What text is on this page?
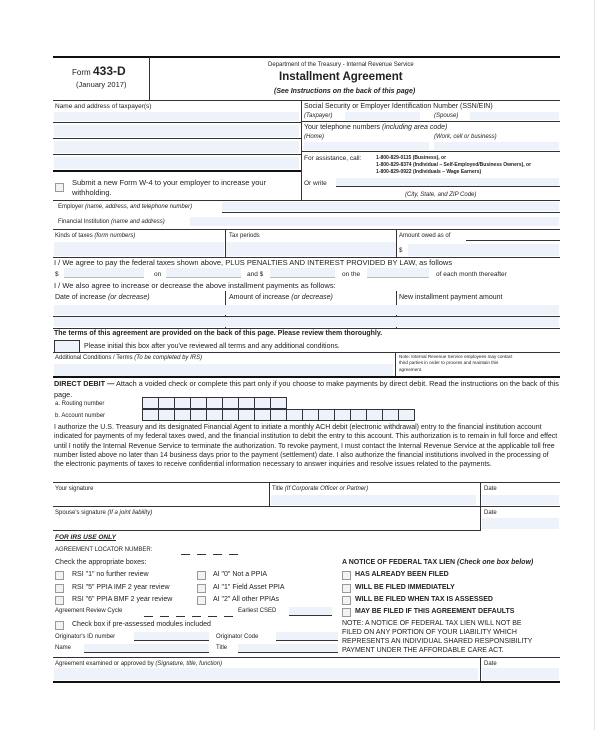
Form 433-D
(January 2017)
Department of the Treasury - Internal Revenue Service
Installment Agreement
(See Instructions on the back of this page)
Name and address of taxpayer(s)
Submit a new Form W-4 to your employer to increase your
withholding.
Social Security or Employer Identification Number (SSN/EIN)
(Taxpayer)	(Spouse)
Your telephone numbers (including area code)
(Home)	(Work, cell or business)
For assistance, call:	1-800-829-0115 (Business), or
1-800-829-8374 (Individual – Self-Employed/Business Owners), or
1-800-829-0922 (Individuals – Wage Earners)
Or write
(City, State, and ZIP Code)
Employer (name, address, and telephone number)
Financial Institution (name and address)
Kinds of taxes (form numbers)	Tax periods	Amount owed as of
$
I / We agree to pay the federal taxes shown above, PLUS PENALTIES AND INTEREST PROVIDED BY LAW, as follows
$	on	and $	on the	of each month thereafter
I / We also agree to increase or decrease the above installment payments as follows:
Date of increase (or decrease)	Amount of increase (or decrease)	New installment payment amount
The terms of this agreement are provided on the back of this page. Please review them thoroughly.
Please initial this box after you've reviewed all terms and any additional conditions.
Additional Conditions / Terms (To be completed by IRS)	Note: Internal Revenue Service employees may contact
third parties in order to process and maintain this
agreement.
DIRECT DEBIT — Attach a voided check or complete this part only if you choose to make payments by direct debit. Read the instructions on the back of this page.
a. Routing number
b. Account number
I authorize the U.S. Treasury and its designated Financial Agent to initiate a monthly ACH debit (electronic withdrawal) entry to the financial institution account indicated for payments of my federal taxes owed, and the financial institution to debit the entry to this account. This authorization is to remain in full force and effect until I notify the Internal Revenue Service to terminate the authorization. To revoke payment, I must contact the Internal Revenue Service at the applicable toll free number listed above no later than 14 business days prior to the payment (settlement) date. I also authorize the financial institutions involved in the processing of the electronic payments of taxes to receive confidential information necessary to answer inquiries and resolve issues related to the payments.
Your signature	Title (If Corporate Officer or Partner)	Date
Spouse's signature (If a joint liability)	Date
FOR IRS USE ONLY
AGREEMENT LOCATOR NUMBER:
Check the appropriate boxes:
RSI "1" no further review
RSI "5" PPIA IMF 2 year review
RSI "6" PPIA BMF 2 year review
AI "0" Not a PPIA
AI "1" Field Asset PPIA
AI "2" All other PPIAs
Agreement Review Cycle	Earliest CSED
Check box if pre-assessed modules included
Originator's ID number	Originator Code
Name	Title
A NOTICE OF FEDERAL TAX LIEN (Check one box below)
HAS ALREADY BEEN FILED
WILL BE FILED IMMEDIATELY
WILL BE FILED WHEN TAX IS ASSESSED
MAY BE FILED IF THIS AGREEMENT DEFAULTS
NOTE: A NOTICE OF FEDERAL TAX LIEN WILL NOT BE
FILED ON ANY PORTION OF YOUR LIABILITY WHICH
REPRESENTS AN INDIVIDUAL SHARED RESPONSIBILITY
PAYMENT UNDER THE AFFORDABLE CARE ACT.
Agreement examined or approved by (Signature, title, function)	Date
